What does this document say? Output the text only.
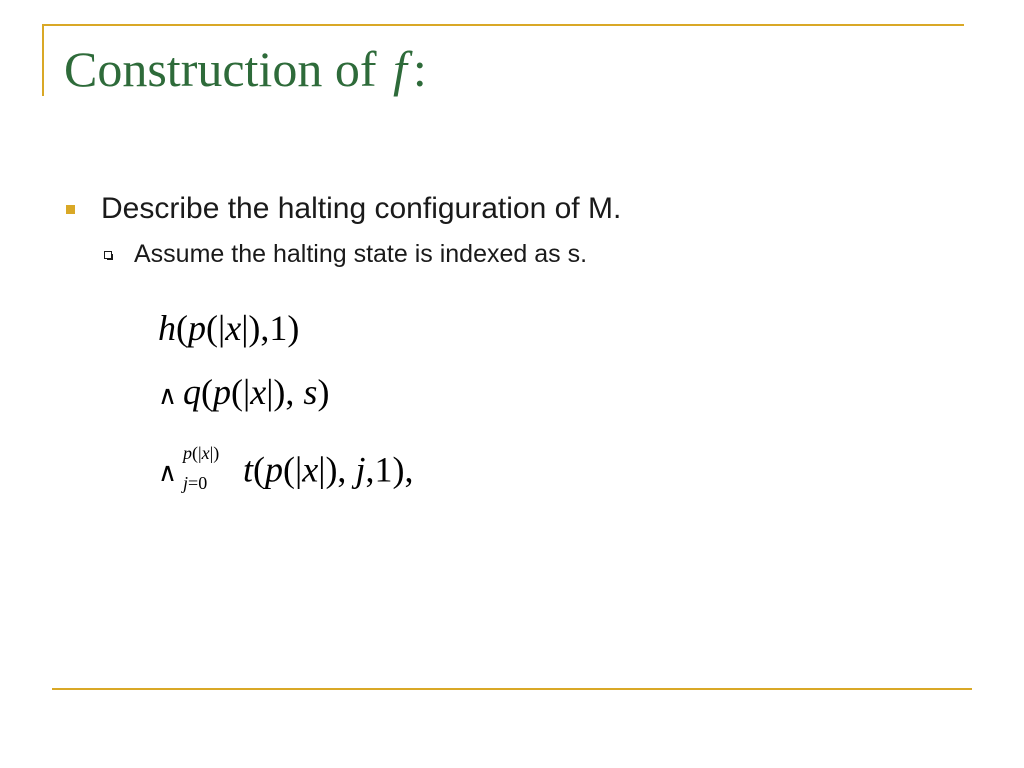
Construction of f :
Describe the halting configuration of M.
Assume the halting state is indexed as s.
h(p(|x|),1)
∧ q(p(|x|), s)
∧
p(|x|)
j=0 t(p(|x|), j,1),
